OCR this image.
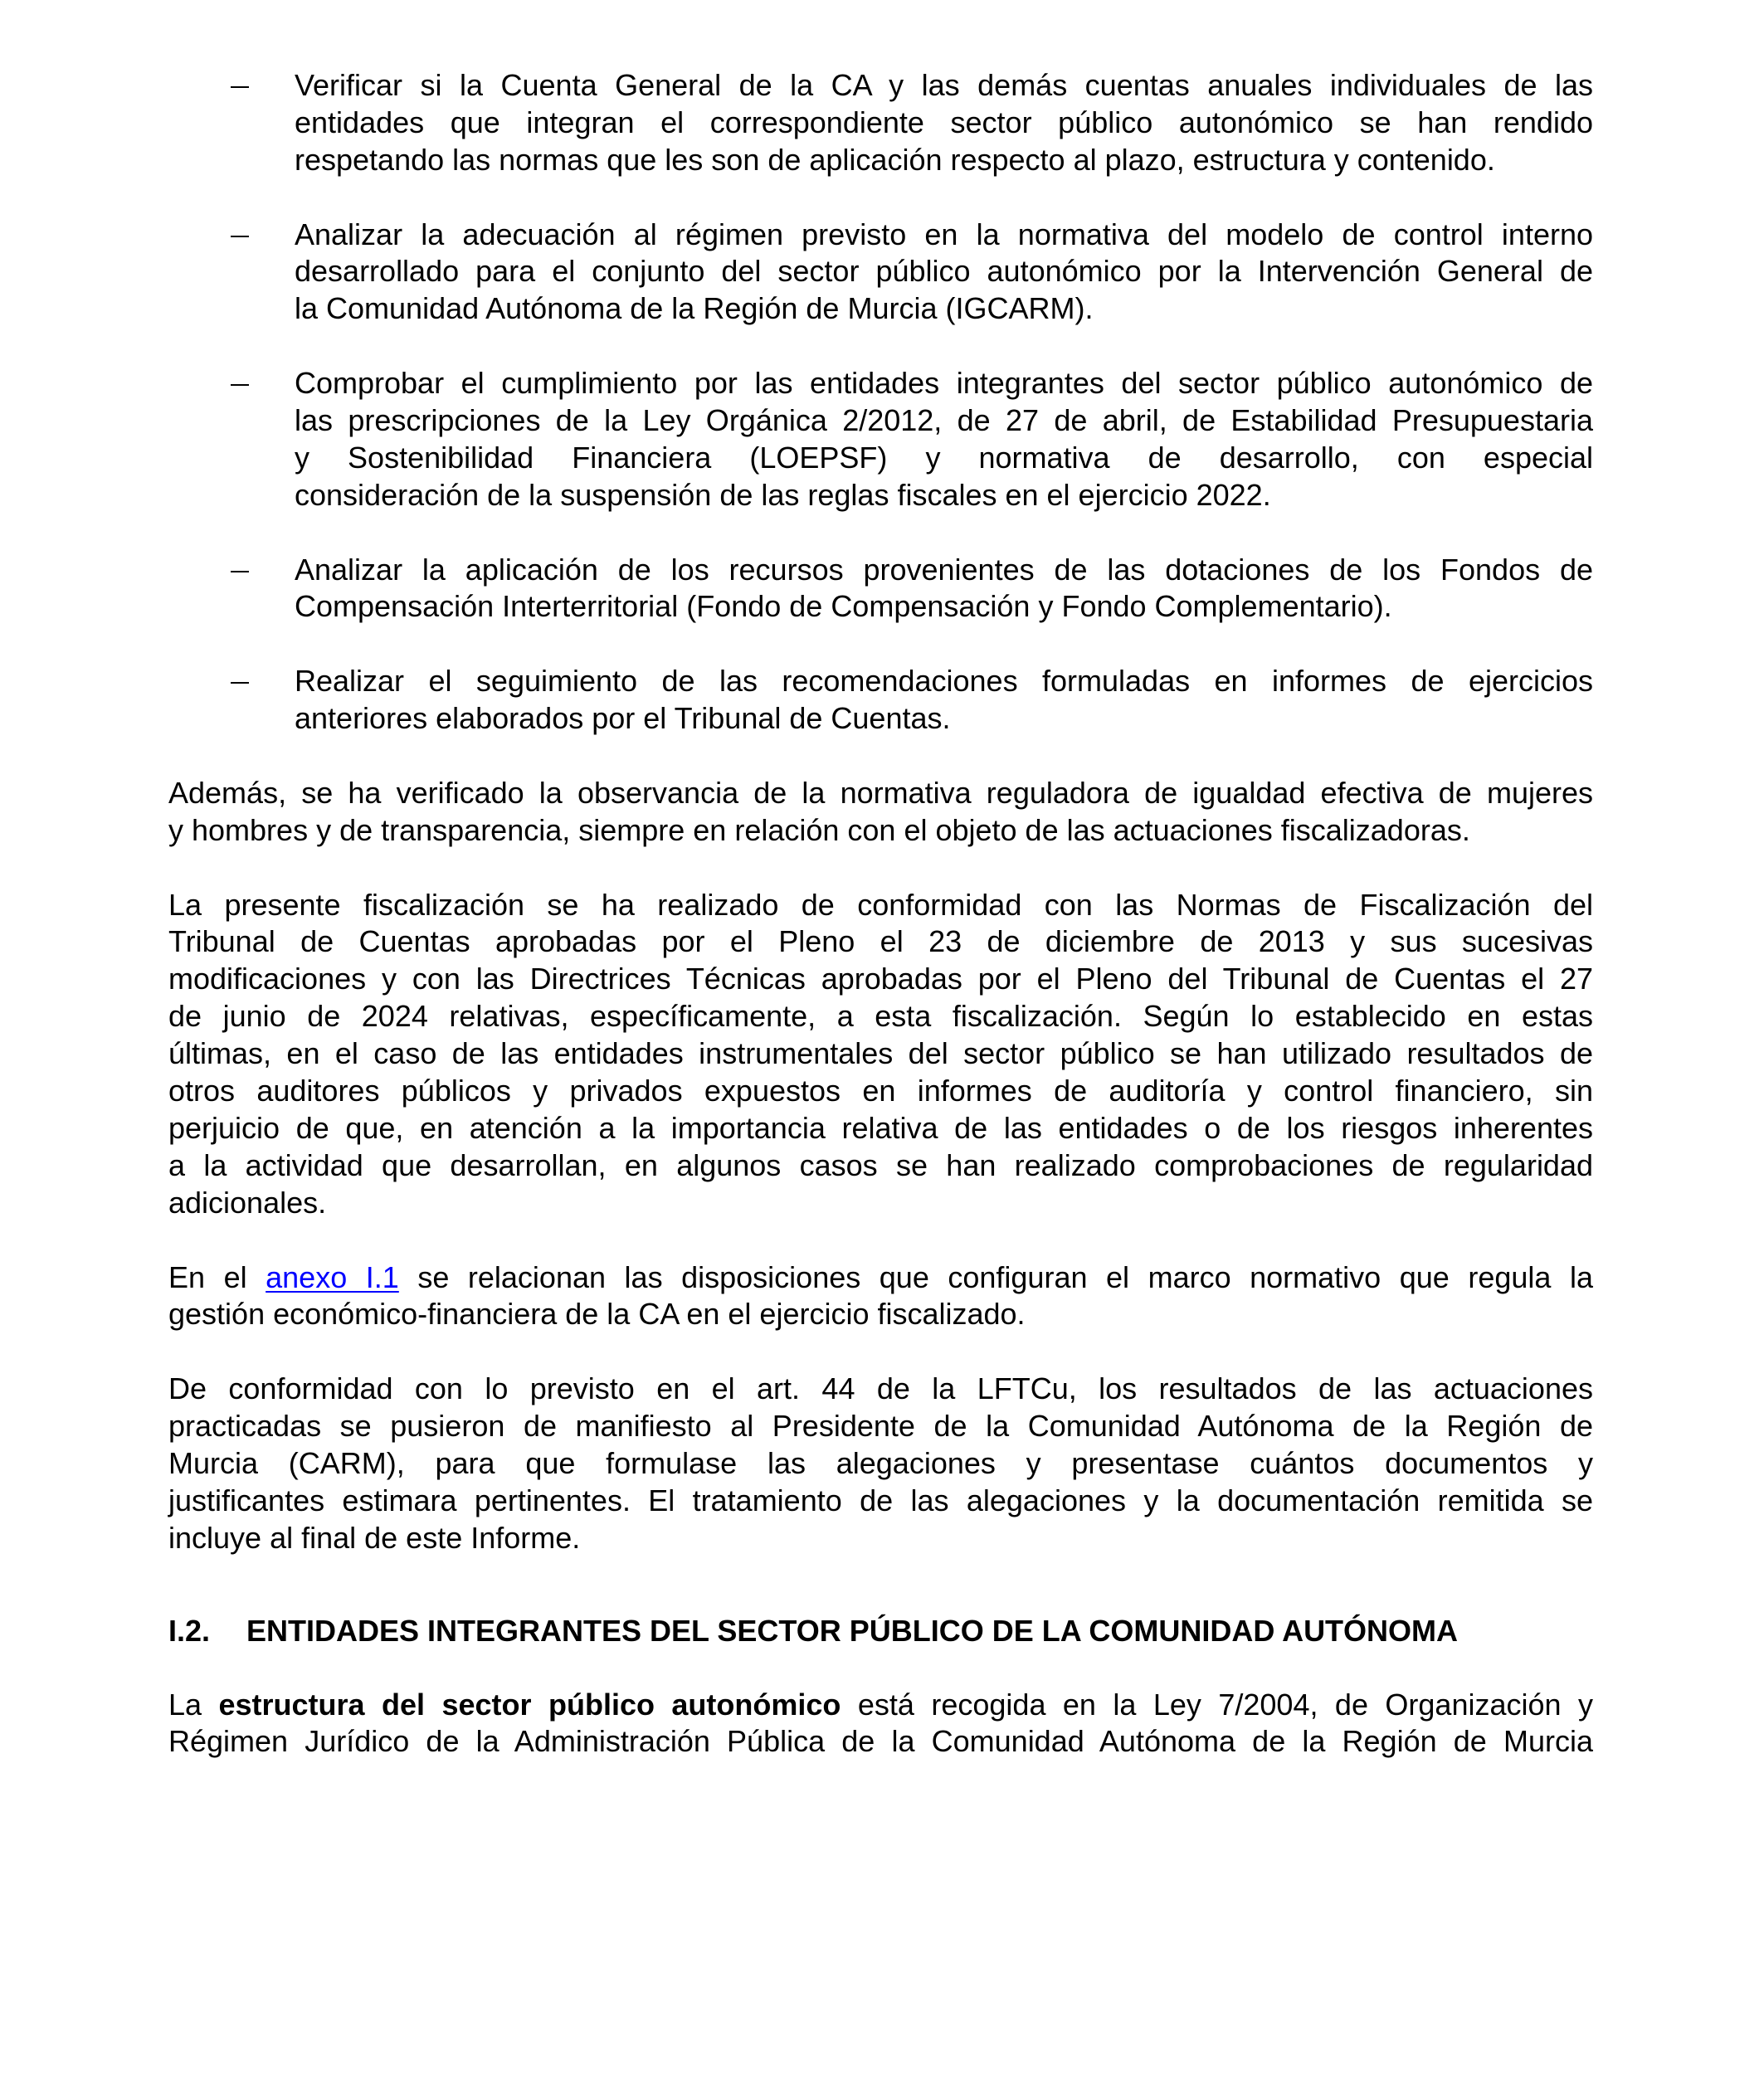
Verificar si la Cuenta General de la CA y las demás cuentas anuales individuales de las
entidades que integran el correspondiente sector público autonómico se han rendido
respetando las normas que les son de aplicación respecto al plazo, estructura y contenido.
Analizar la adecuación al régimen previsto en la normativa del modelo de control interno
desarrollado para el conjunto del sector público autonómico por la Intervención General de
la Comunidad Autónoma de la Región de Murcia (IGCARM).
Comprobar el cumplimiento por las entidades integrantes del sector público autonómico de
las prescripciones de la Ley Orgánica 2/2012, de 27 de abril, de Estabilidad Presupuestaria
y Sostenibilidad Financiera (LOEPSF) y normativa de desarrollo, con especial
consideración de la suspensión de las reglas fiscales en el ejercicio 2022.
Analizar la aplicación de los recursos provenientes de las dotaciones de los Fondos de
Compensación Interterritorial (Fondo de Compensación y Fondo Complementario).
Realizar el seguimiento de las recomendaciones formuladas en informes de ejercicios
anteriores elaborados por el Tribunal de Cuentas.
Además, se ha verificado la observancia de la normativa reguladora de igualdad efectiva de mujeres
y hombres y de transparencia, siempre en relación con el objeto de las actuaciones fiscalizadoras.
La presente fiscalización se ha realizado de conformidad con las Normas de Fiscalización del
Tribunal de Cuentas aprobadas por el Pleno el 23 de diciembre de 2013 y sus sucesivas
modificaciones y con las Directrices Técnicas aprobadas por el Pleno del Tribunal de Cuentas el 27
de junio de 2024 relativas, específicamente, a esta fiscalización. Según lo establecido en estas
últimas, en el caso de las entidades instrumentales del sector público se han utilizado resultados de
otros auditores públicos y privados expuestos en informes de auditoría y control financiero, sin
perjuicio de que, en atención a la importancia relativa de las entidades o de los riesgos inherentes
a la actividad que desarrollan, en algunos casos se han realizado comprobaciones de regularidad
adicionales.
En el anexo I.1 se relacionan las disposiciones que configuran el marco normativo que regula la
gestión económico-financiera de la CA en el ejercicio fiscalizado.
De conformidad con lo previsto en el art. 44 de la LFTCu, los resultados de las actuaciones
practicadas se pusieron de manifiesto al Presidente de la Comunidad Autónoma de la Región de
Murcia (CARM), para que formulase las alegaciones y presentase cuántos documentos y
justificantes estimara pertinentes. El tratamiento de las alegaciones y la documentación remitida se
incluye al final de este Informe.
I.2. ENTIDADES INTEGRANTES DEL SECTOR PÚBLICO DE LA COMUNIDAD AUTÓNOMA
La estructura del sector público autonómico está recogida en la Ley 7/2004, de Organización y
Régimen Jurídico de la Administración Pública de la Comunidad Autónoma de la Región de Murcia
